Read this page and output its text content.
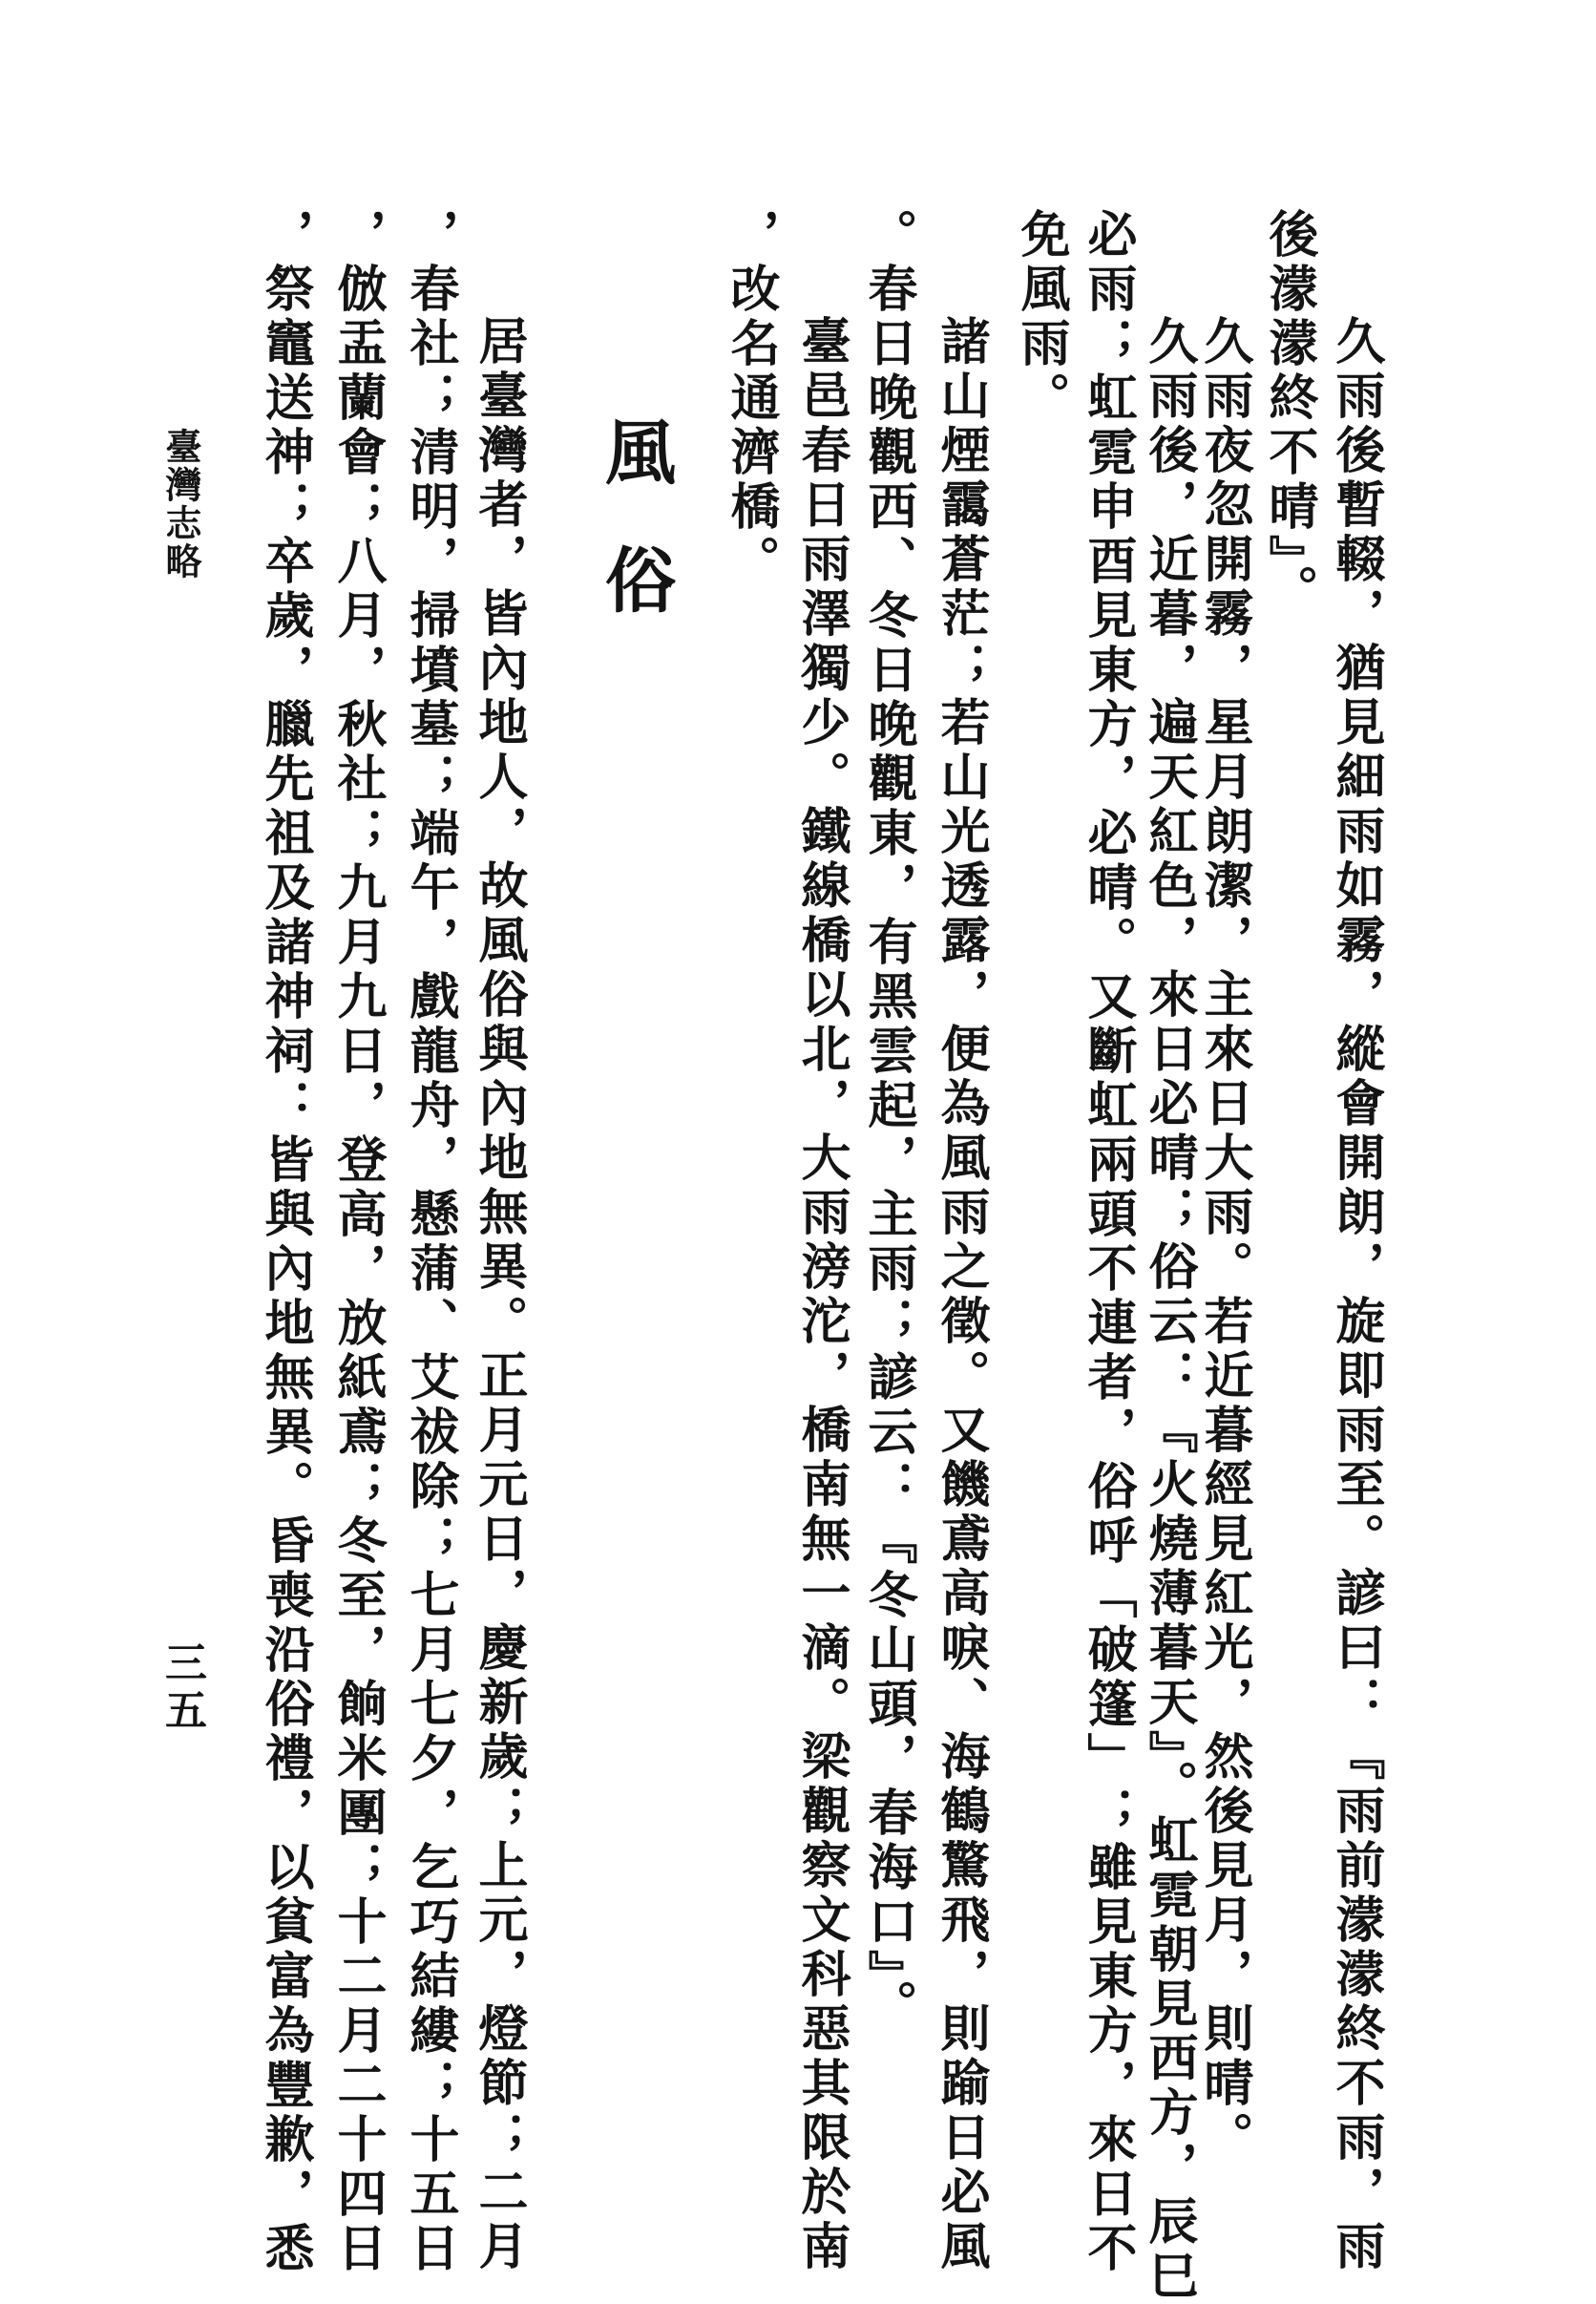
久雨後暫輟，猶見細雨如霧，縱會開朗，旋即雨至。諺曰：『雨前濛濛終不雨，雨
後濛濛終不晴』。
久雨夜忽開霧，星月朗潔，主來日大雨。若近暮經見紅光，然後見月，則晴。
久雨後，近暮，遍天紅色，來日必晴；俗云：『火燒薄暮天』。虹霓朝見西方，辰巳
必雨；虹霓申酉見東方，必晴。又斷虹兩頭不連者，俗呼「破篷」；雖見東方，來日不
免風雨。
諸山煙靄蒼茫；若山光透露，便為風雨之徵。又饑鳶高唳、海鶴驚飛，則踰日必風
。春日晚觀西、冬日晚觀東，有黑雲起，主雨；諺云：『冬山頭，春海口』。
臺邑春日雨澤獨少。鐵線橋以北，大雨滂沱，橋南無一滴。梁觀察文科惡其限於南
，改名通濟橋。
風俗
居臺灣者，皆內地人，故風俗與內地無異。正月元日，慶新歲；上元，燈節；二月
，春社；清明，掃墳墓；端午，戲龍舟，懸蒲、艾祓除；七月七夕，乞巧結縷；十五日
，倣盂蘭會；八月，秋社；九月九日，登高，放紙鳶；冬至，餉米團；十二月二十四日
，祭竈送神；卒歲，臘先祖及諸神祠：皆與內地無異。昏喪沿俗禮，以貧富為豐歉，悉
臺灣志略
三五
